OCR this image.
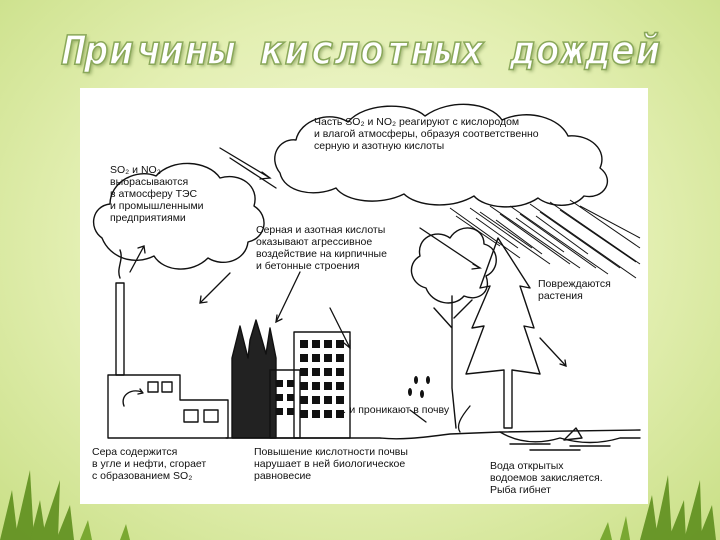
Причины кислотных дождей
Часть SO₂ и NO₂ реагируют с кислородом
и влагой атмосферы, образуя соответственно
серную и азотную кислоты
SO₂ и NO₂
выбрасываются
в атмосферу ТЭС
и промышленными
предприятиями
Серная и азотная кислоты
оказывают агрессивное
воздействие на кирпичные
и бетонные строения
Повреждаются
растения
… и проникают в почву
Сера содержится
в угле и нефти, сгорает
с образованием SO₂
Повышение кислотности почвы
нарушает в ней биологическое
равновесие
Вода открытых
водоемов закисляется.
Рыба гибнет
